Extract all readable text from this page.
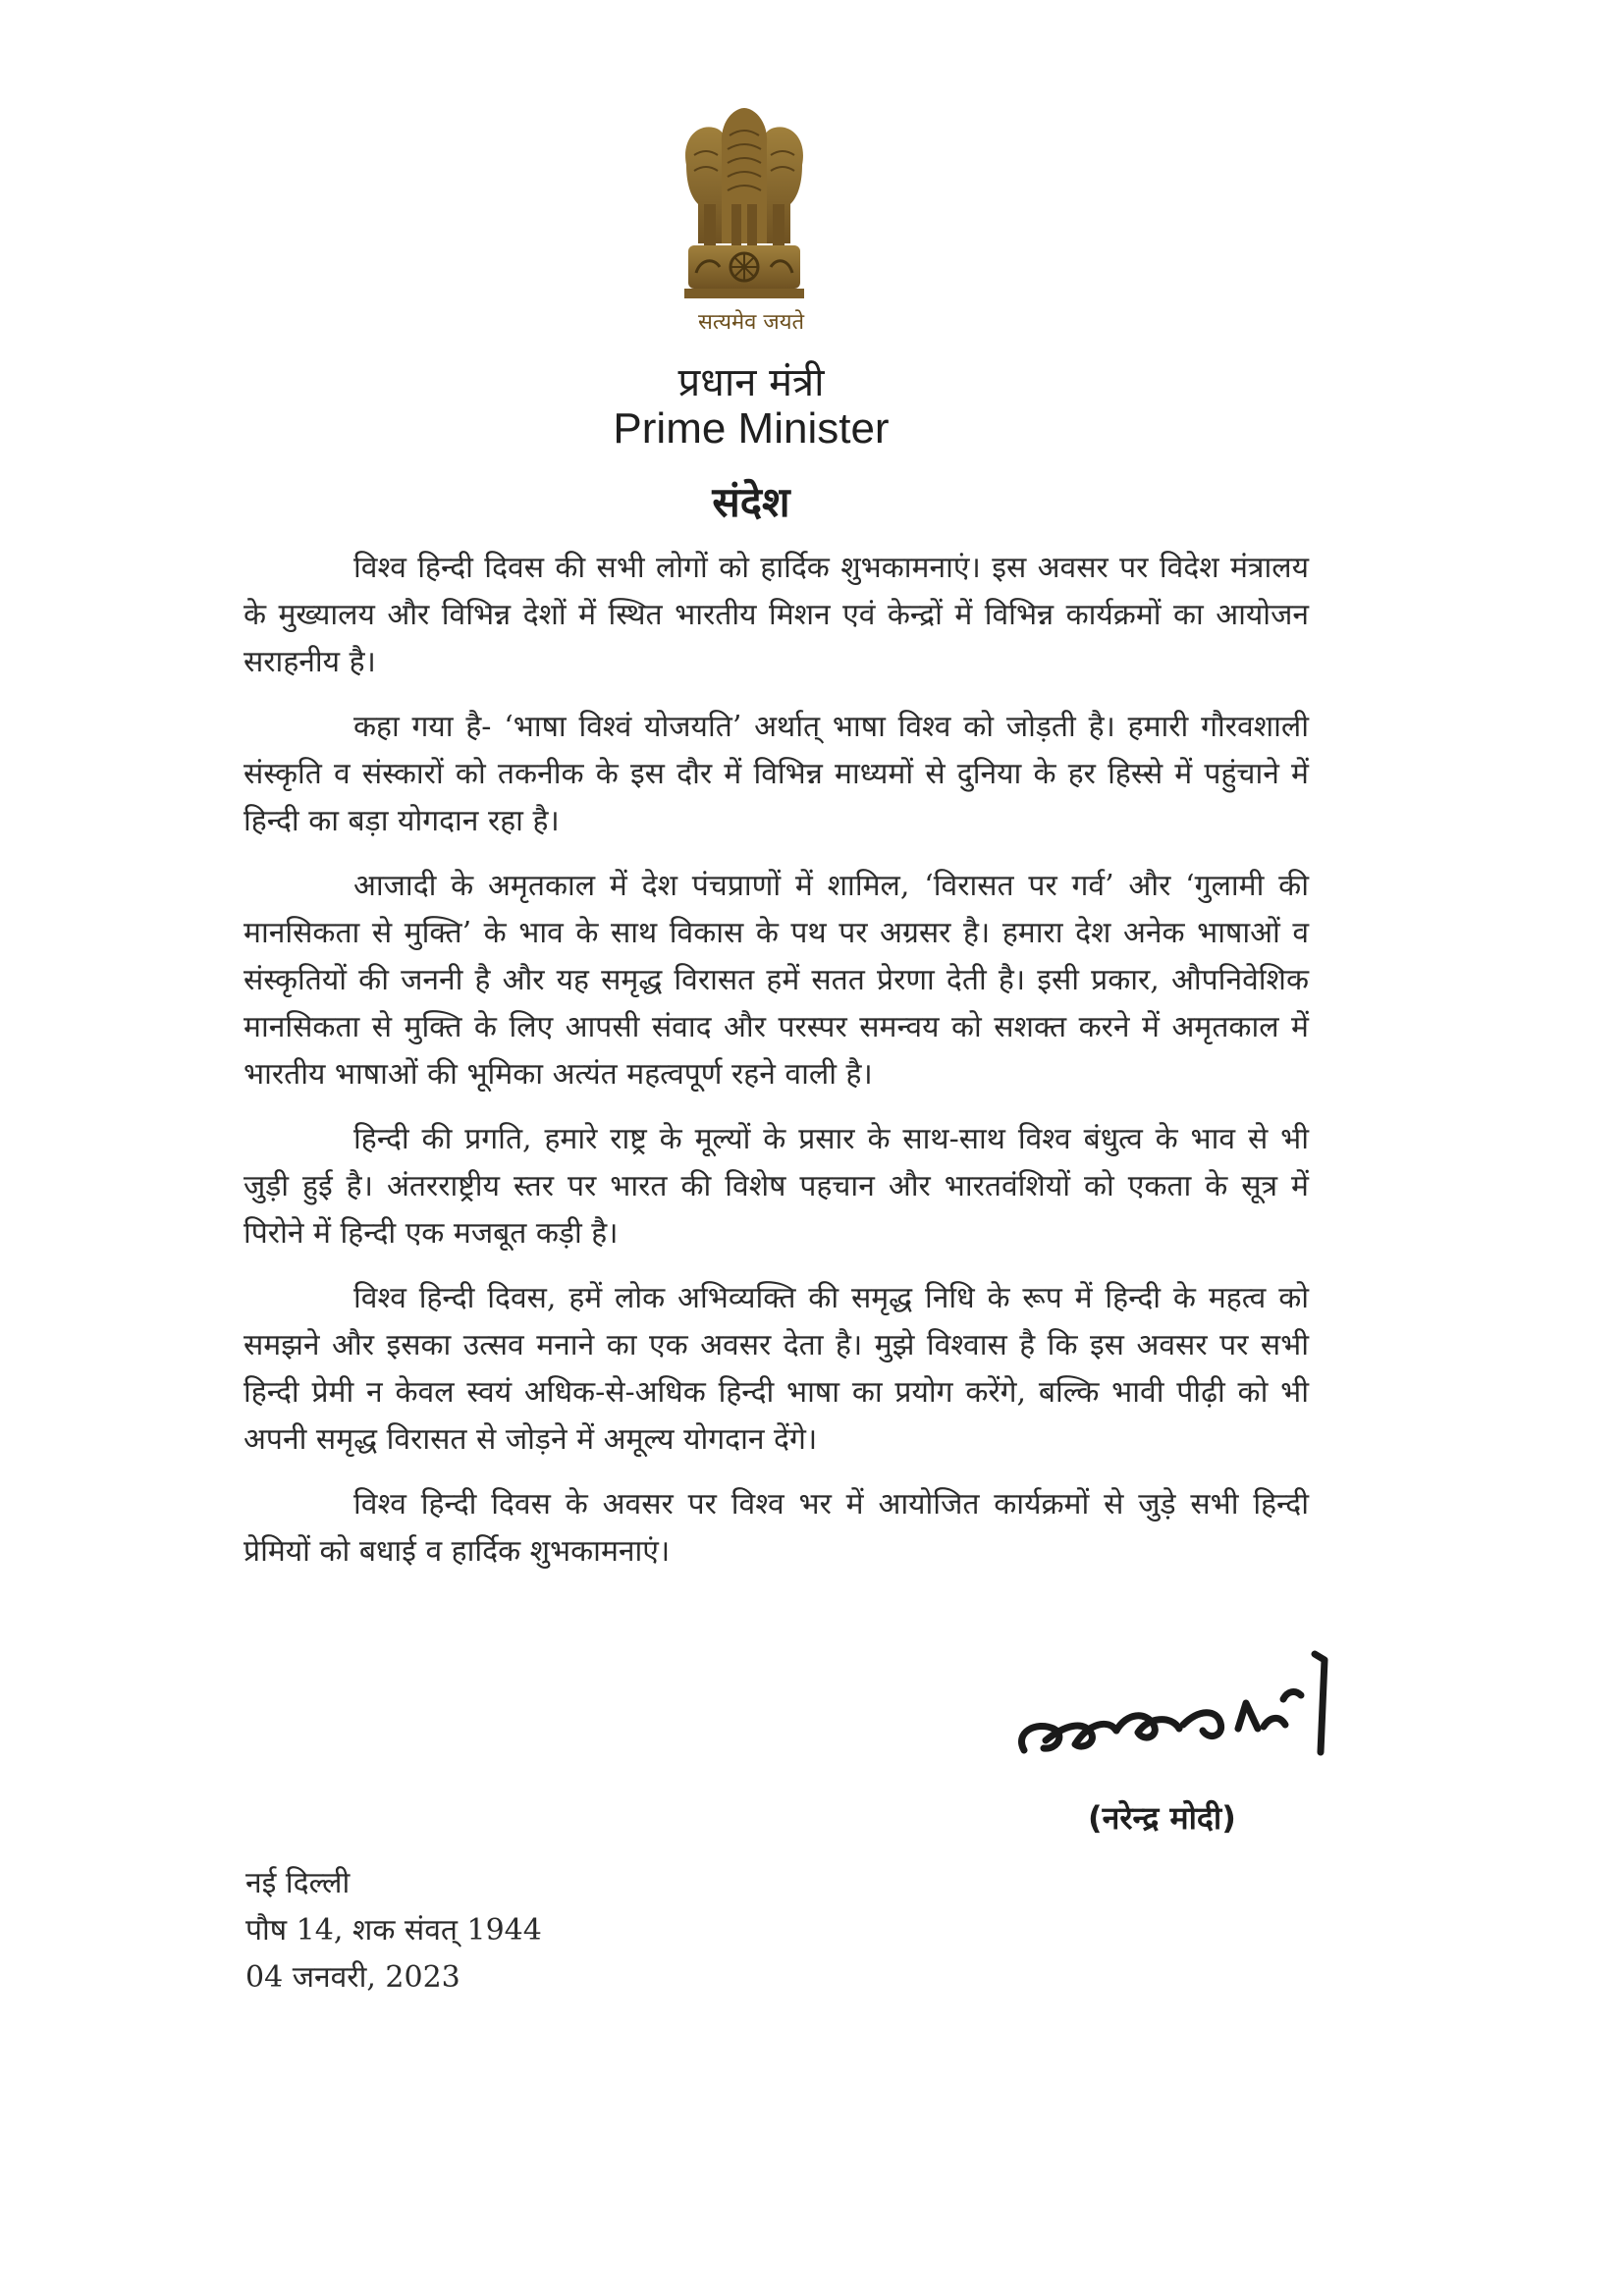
सत्यमेव जयते
प्रधान मंत्री
Prime Minister
संदेश

विश्व हिन्दी दिवस की सभी लोगों को हार्दिक शुभकामनाएं। इस अवसर पर विदेश मंत्रालय के मुख्यालय और विभिन्न देशों में स्थित भारतीय मिशन एवं केन्द्रों में विभिन्न कार्यक्रमों का आयोजन सराहनीय है।

कहा गया है- ‘भाषा विश्वं योजयति’ अर्थात् भाषा विश्व को जोड़ती है। हमारी गौरवशाली संस्कृति व संस्कारों को तकनीक के इस दौर में विभिन्न माध्यमों से दुनिया के हर हिस्से में पहुंचाने में हिन्दी का बड़ा योगदान रहा है।

आजादी के अमृतकाल में देश पंचप्राणों में शामिल, ‘विरासत पर गर्व’ और ‘गुलामी की मानसिकता से मुक्ति’ के भाव के साथ विकास के पथ पर अग्रसर है। हमारा देश अनेक भाषाओं व संस्कृतियों की जननी है और यह समृद्ध विरासत हमें सतत प्रेरणा देती है। इसी प्रकार, औपनिवेशिक मानसिकता से मुक्ति के लिए आपसी संवाद और परस्पर समन्वय को सशक्त करने में अमृतकाल में भारतीय भाषाओं की भूमिका अत्यंत महत्वपूर्ण रहने वाली है।

हिन्दी की प्रगति, हमारे राष्ट्र के मूल्यों के प्रसार के साथ-साथ विश्व बंधुत्व के भाव से भी जुड़ी हुई है। अंतरराष्ट्रीय स्तर पर भारत की विशेष पहचान और भारतवंशियों को एकता के सूत्र में पिरोने में हिन्दी एक मजबूत कड़ी है।

विश्व हिन्दी दिवस, हमें लोक अभिव्यक्ति की समृद्ध निधि के रूप में हिन्दी के महत्व को समझने और इसका उत्सव मनाने का एक अवसर देता है। मुझे विश्वास है कि इस अवसर पर सभी हिन्दी प्रेमी न केवल स्वयं अधिक-से-अधिक हिन्दी भाषा का प्रयोग करेंगे, बल्कि भावी पीढ़ी को भी अपनी समृद्ध विरासत से जोड़ने में अमूल्य योगदान देंगे।

विश्व हिन्दी दिवस के अवसर पर विश्व भर में आयोजित कार्यक्रमों से जुड़े सभी हिन्दी प्रेमियों को बधाई व हार्दिक शुभकामनाएं।

(नरेन्द्र मोदी)
नई दिल्ली
पौष 14, शक संवत् 1944
04 जनवरी, 2023
